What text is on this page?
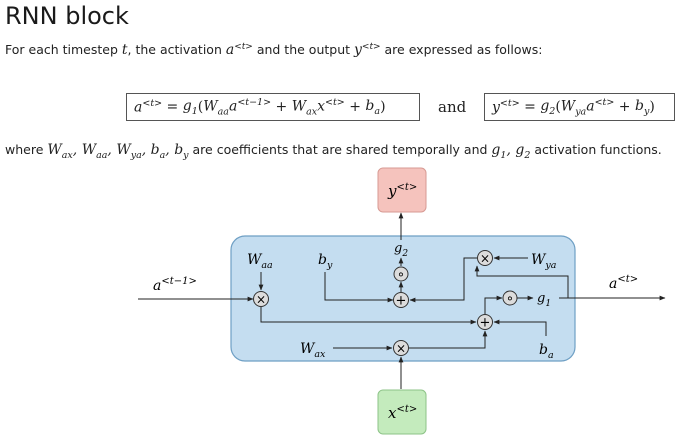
RNN block
For each timestep t, the activation $a^{<t>}$ and the output $y^{<t>}$ are expressed as follows:
$a^{<t>} = g_1$ ( $W_{aa}a^{<t-1>} + W_{ax}x^{<t>} + b_a$ )	and $y^{<t>} = g_2$ ( $W_{ya}a^{<t>} + b_y$ )
where $W_{ax}$, $W_{aa}$, $W_{ya}$, $b_a$, $b_y$ are coefficients that are shared temporally and $g_1$, $g_2$ activation functions.
$y^{<t>}$
$x^{<t>}$
$a^{<t-1>}$
$W_{aa}$
×
$b_y$
$g_2$
∘
+
$W_{ya}$
×
$b_a$
+
∘ $g_1$
$a^{<t>}$
$W_{ax}$	×
